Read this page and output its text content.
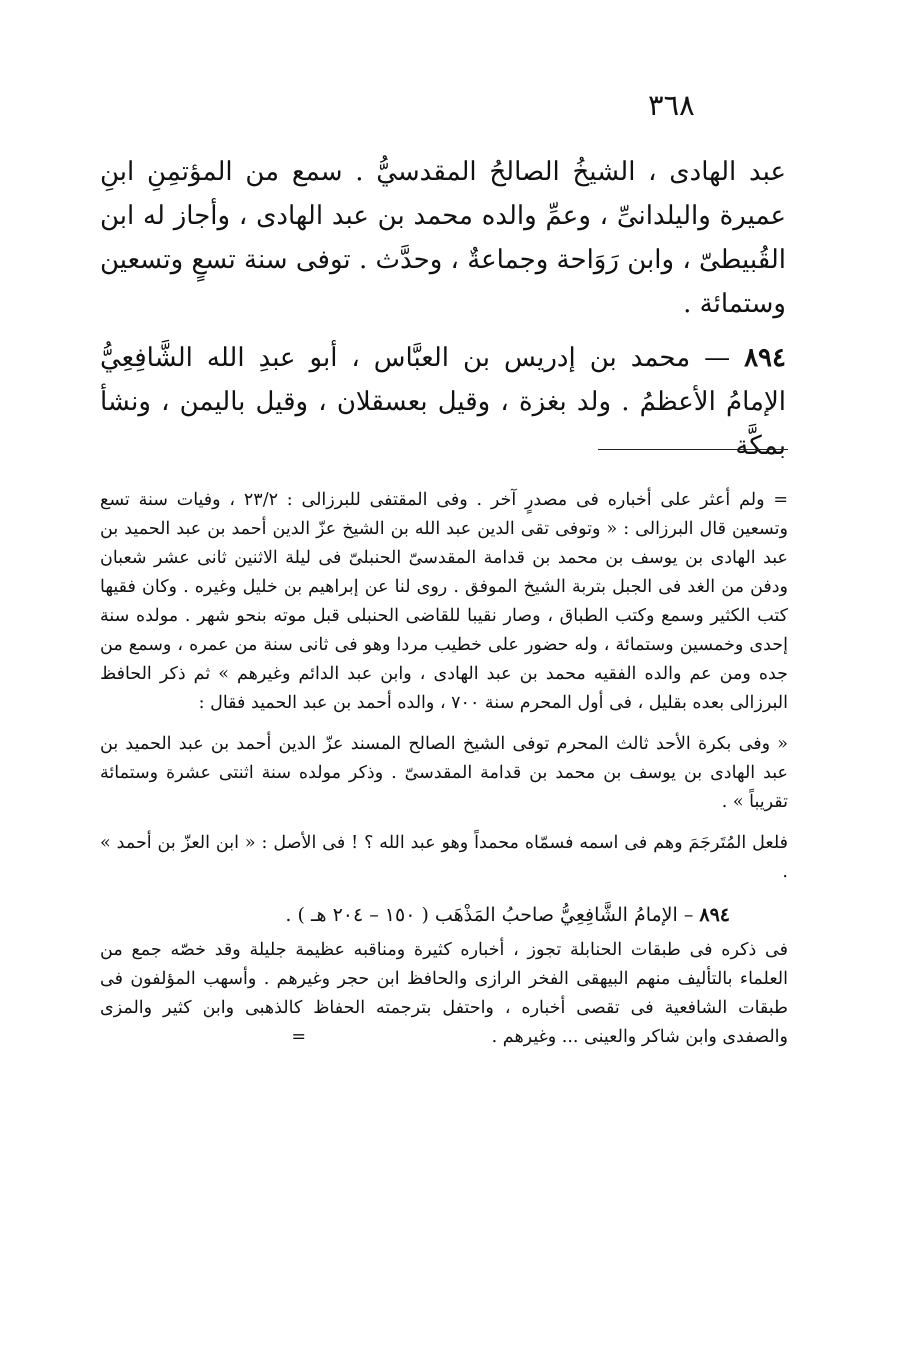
٣٦٨

عبد الهادى ، الشيخُ الصالحُ المقدسيُّ . سمع من المؤتمِنِ ابنِ عميرة واليلدانىِّ ، وعمِّ والده محمد بن عبد الهادى ، وأجاز له ابن القُبيطىّ ، وابن رَوَاحة وجماعةٌ ، وحدَّث . توفى سنة تسعٍ وتسعين وستمائة .

٨٩٤ — محمد بن إدريس بن العبَّاس ، أبو عبدِ الله الشَّافِعِيُّ الإمامُ الأعظمُ . ولد بغزة ، وقيل بعسقلان ، وقيل باليمن ، ونشأ بمكَّة

= ولم أعثر على أخباره فى مصدرٍ آخر . وفى المقتفى للبرزالى : ٢٣/٢ ، وفيات سنة تسع وتسعين قال البرزالى : « وتوفى تقى الدين عبد الله بن الشيخ عزّ الدين أحمد بن عبد الحميد بن عبد الهادى بن يوسف بن محمد بن قدامة المقدسىّ الحنبلىّ فى ليلة الاثنين ثانى عشر شعبان ودفن من الغد فى الجبل بتربة الشيخ الموفق . روى لنا عن إبراهيم بن خليل وغيره . وكان فقيها كتب الكثير وسمع وكتب الطباق ، وصار نقيبا للقاضى الحنبلى قبل موته بنحو شهر . مولده سنة إحدى وخمسين وستمائة ، وله حضور على خطيب مردا وهو فى ثانى سنة من عمره ، وسمع من جده ومن عم والده الفقيه محمد بن عبد الهادى ، وابن عبد الدائم وغيرهم » ثم ذكر الحافظ البرزالى بعده بقليل ، فى أول المحرم سنة ٧٠٠ ، والده أحمد بن عبد الحميد فقال :

« وفى بكرة الأحد ثالث المحرم توفى الشيخ الصالح المسند عزّ الدين أحمد بن عبد الحميد بن عبد الهادى بن يوسف بن محمد بن قدامة المقدسىّ . وذكر مولده سنة اثنتى عشرة وستمائة تقريباً » .

فلعل المُتَرجَمَ وهم فى اسمه فسمّاه محمداً وهو عبد الله ؟ ! فى الأصل : « ابن العزّ بن أحمد » .

٨٩٤ – الإمامُ الشَّافِعِيُّ صاحبُ المَذْهَب ( ١٥٠ – ٢٠٤ هـ ) .

فى ذكره فى طبقات الحنابلة تجوز ، أخباره كثيرة ومناقبه عظيمة جليلة وقد خصّه جمع من العلماء بالتأليف منهم البيهقى الفخر الرازى والحافظ ابن حجر وغيرهم . وأسهب المؤلفون فى طبقات الشافعية فى تقصى أخباره ، واحتفل بترجمته الحفاظ كالذهبى وابن كثير والمزى والصفدى وابن شاكر والعينى ... وغيرهم . =
